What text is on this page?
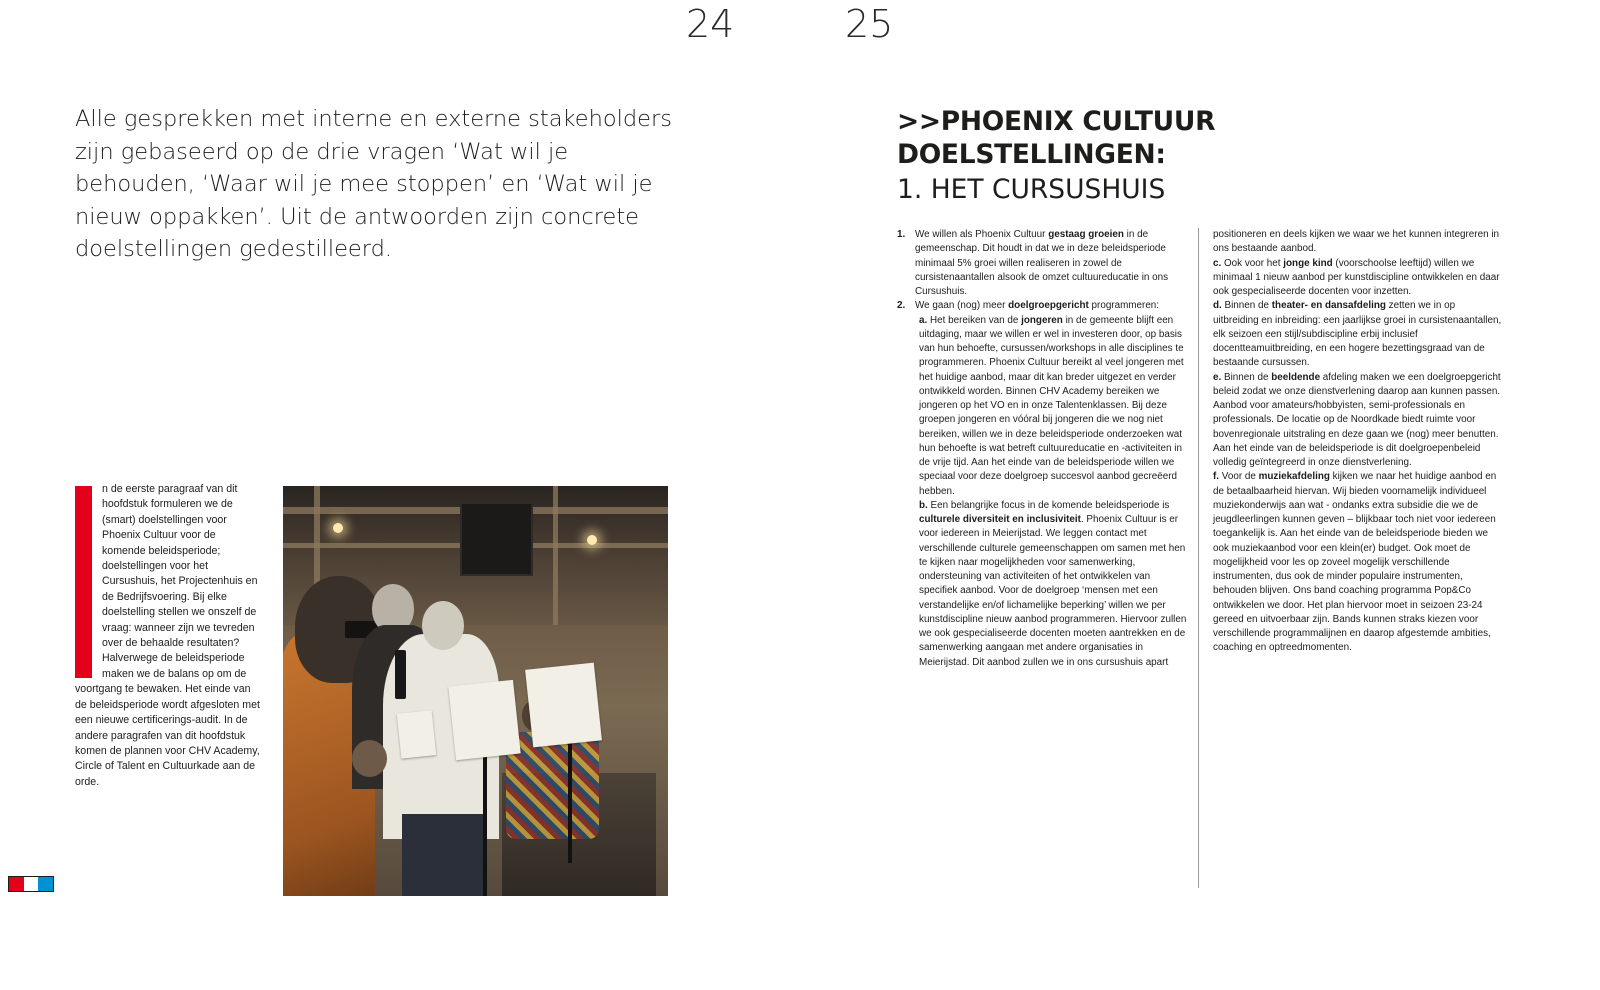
24	25
Alle gesprekken met interne en externe stakeholders zijn gebaseerd op de drie vragen ‘Wat wil je behouden, ‘Waar wil je mee stoppen’ en ‘Wat wil je nieuw oppakken’. Uit de antwoorden zijn concrete doelstellingen gedestilleerd.

n de eerste paragraaf van dit hoofdstuk formuleren we de (smart) doelstellingen voor Phoenix Cultuur voor de komende beleidsperiode; doelstellingen voor het Cursushuis, het Projectenhuis en de Bedrijfsvoering. Bij elke doelstelling stellen we onszelf de vraag: wanneer zijn we tevreden over de behaalde resultaten? Halverwege de beleidsperiode maken we de balans op om de voortgang te bewaken. Het einde van de beleidsperiode wordt afgesloten met een nieuwe certificerings-audit. In de andere paragrafen van dit hoofdstuk komen de plannen voor CHV Academy, Circle of Talent en Cultuurkade aan de orde.

>>PHOENIX CULTUUR
DOELSTELLINGEN:
1. HET CURSUSHUIS
1. We willen als Phoenix Cultuur gestaag groeien in de gemeenschap. Dit houdt in dat we in deze beleidsperiode minimaal 5% groei willen realiseren in zowel de cursistenaantallen alsook de omzet cultuureducatie in ons Cursushuis.
2. We gaan (nog) meer doelgroepgericht programmeren:

a. Het bereiken van de jongeren in de gemeente blijft een uitdaging, maar we willen er wel in investeren door, op basis van hun behoefte, cursussen/workshops in alle disciplines te programmeren. Phoenix Cultuur bereikt al veel jongeren met het huidige aanbod, maar dit kan breder uitgezet en verder ontwikkeld worden. Binnen CHV Academy bereiken we jongeren op het VO en in onze Talentenklassen. Bij deze groepen jongeren en vóóral bij jongeren die we nog niet bereiken, willen we in deze beleidsperiode onderzoeken wat hun behoefte is wat betreft cultuureducatie en -activiteiten in de vrije tijd. Aan het einde van de beleidsperiode willen we speciaal voor deze doelgroep succesvol aanbod gecreëerd hebben.

b. Een belangrijke focus in de komende beleidsperiode is culturele diversiteit en inclusiviteit. Phoenix Cultuur is er voor iedereen in Meierijstad. We leggen contact met verschillende culturele gemeenschappen om samen met hen te kijken naar mogelijkheden voor samenwerking, ondersteuning van activiteiten of het ontwikkelen van specifiek aanbod. Voor de doelgroep ‘mensen met een verstandelijke en/of lichamelijke beperking’ willen we per kunstdiscipline nieuw aanbod programmeren. Hiervoor zullen we ook gespecialiseerde docenten moeten aantrekken en de samenwerking aangaan met andere organisaties in Meierijstad. Dit aanbod zullen we in ons cursushuis apart

positioneren en deels kijken we waar we het kunnen integreren in ons bestaande aanbod.

c. Ook voor het jonge kind (voorschoolse leeftijd) willen we minimaal 1 nieuw aanbod per kunstdiscipline ontwikkelen en daar ook gespecialiseerde docenten voor inzetten.

d. Binnen de theater- en dansafdeling zetten we in op uitbreiding en inbreiding: een jaarlijkse groei in cursistenaantallen, elk seizoen een stijl/subdiscipline erbij inclusief docentteamuitbreiding, en een hogere bezettingsgraad van de bestaande cursussen.

e. Binnen de beeldende afdeling maken we een doelgroepgericht beleid zodat we onze dienstverlening daarop aan kunnen passen. Aanbod voor amateurs/hobbyisten, semi-professionals en professionals. De locatie op de Noordkade biedt ruimte voor bovenregionale uitstraling en deze gaan we (nog) meer benutten. Aan het einde van de beleidsperiode is dit doelgroepenbeleid volledig geïntegreerd in onze dienstverlening.

f. Voor de muziekafdeling kijken we naar het huidige aanbod en de betaalbaarheid hiervan. Wij bieden voornamelijk individueel muziekonderwijs aan wat - ondanks extra subsidie die we de jeugdleerlingen kunnen geven – blijkbaar toch niet voor iedereen toegankelijk is. Aan het einde van de beleidsperiode bieden we ook muziekaanbod voor een klein(er) budget. Ook moet de mogelijkheid voor les op zoveel mogelijk verschillende instrumenten, dus ook de minder populaire instrumenten, behouden blijven. Ons band coaching programma Pop&Co ontwikkelen we door. Het plan hiervoor moet in seizoen 23-24 gereed en uitvoerbaar zijn. Bands kunnen straks kiezen voor verschillende programmalijnen en daarop afgestemde ambities, coaching en optreedmomenten.
